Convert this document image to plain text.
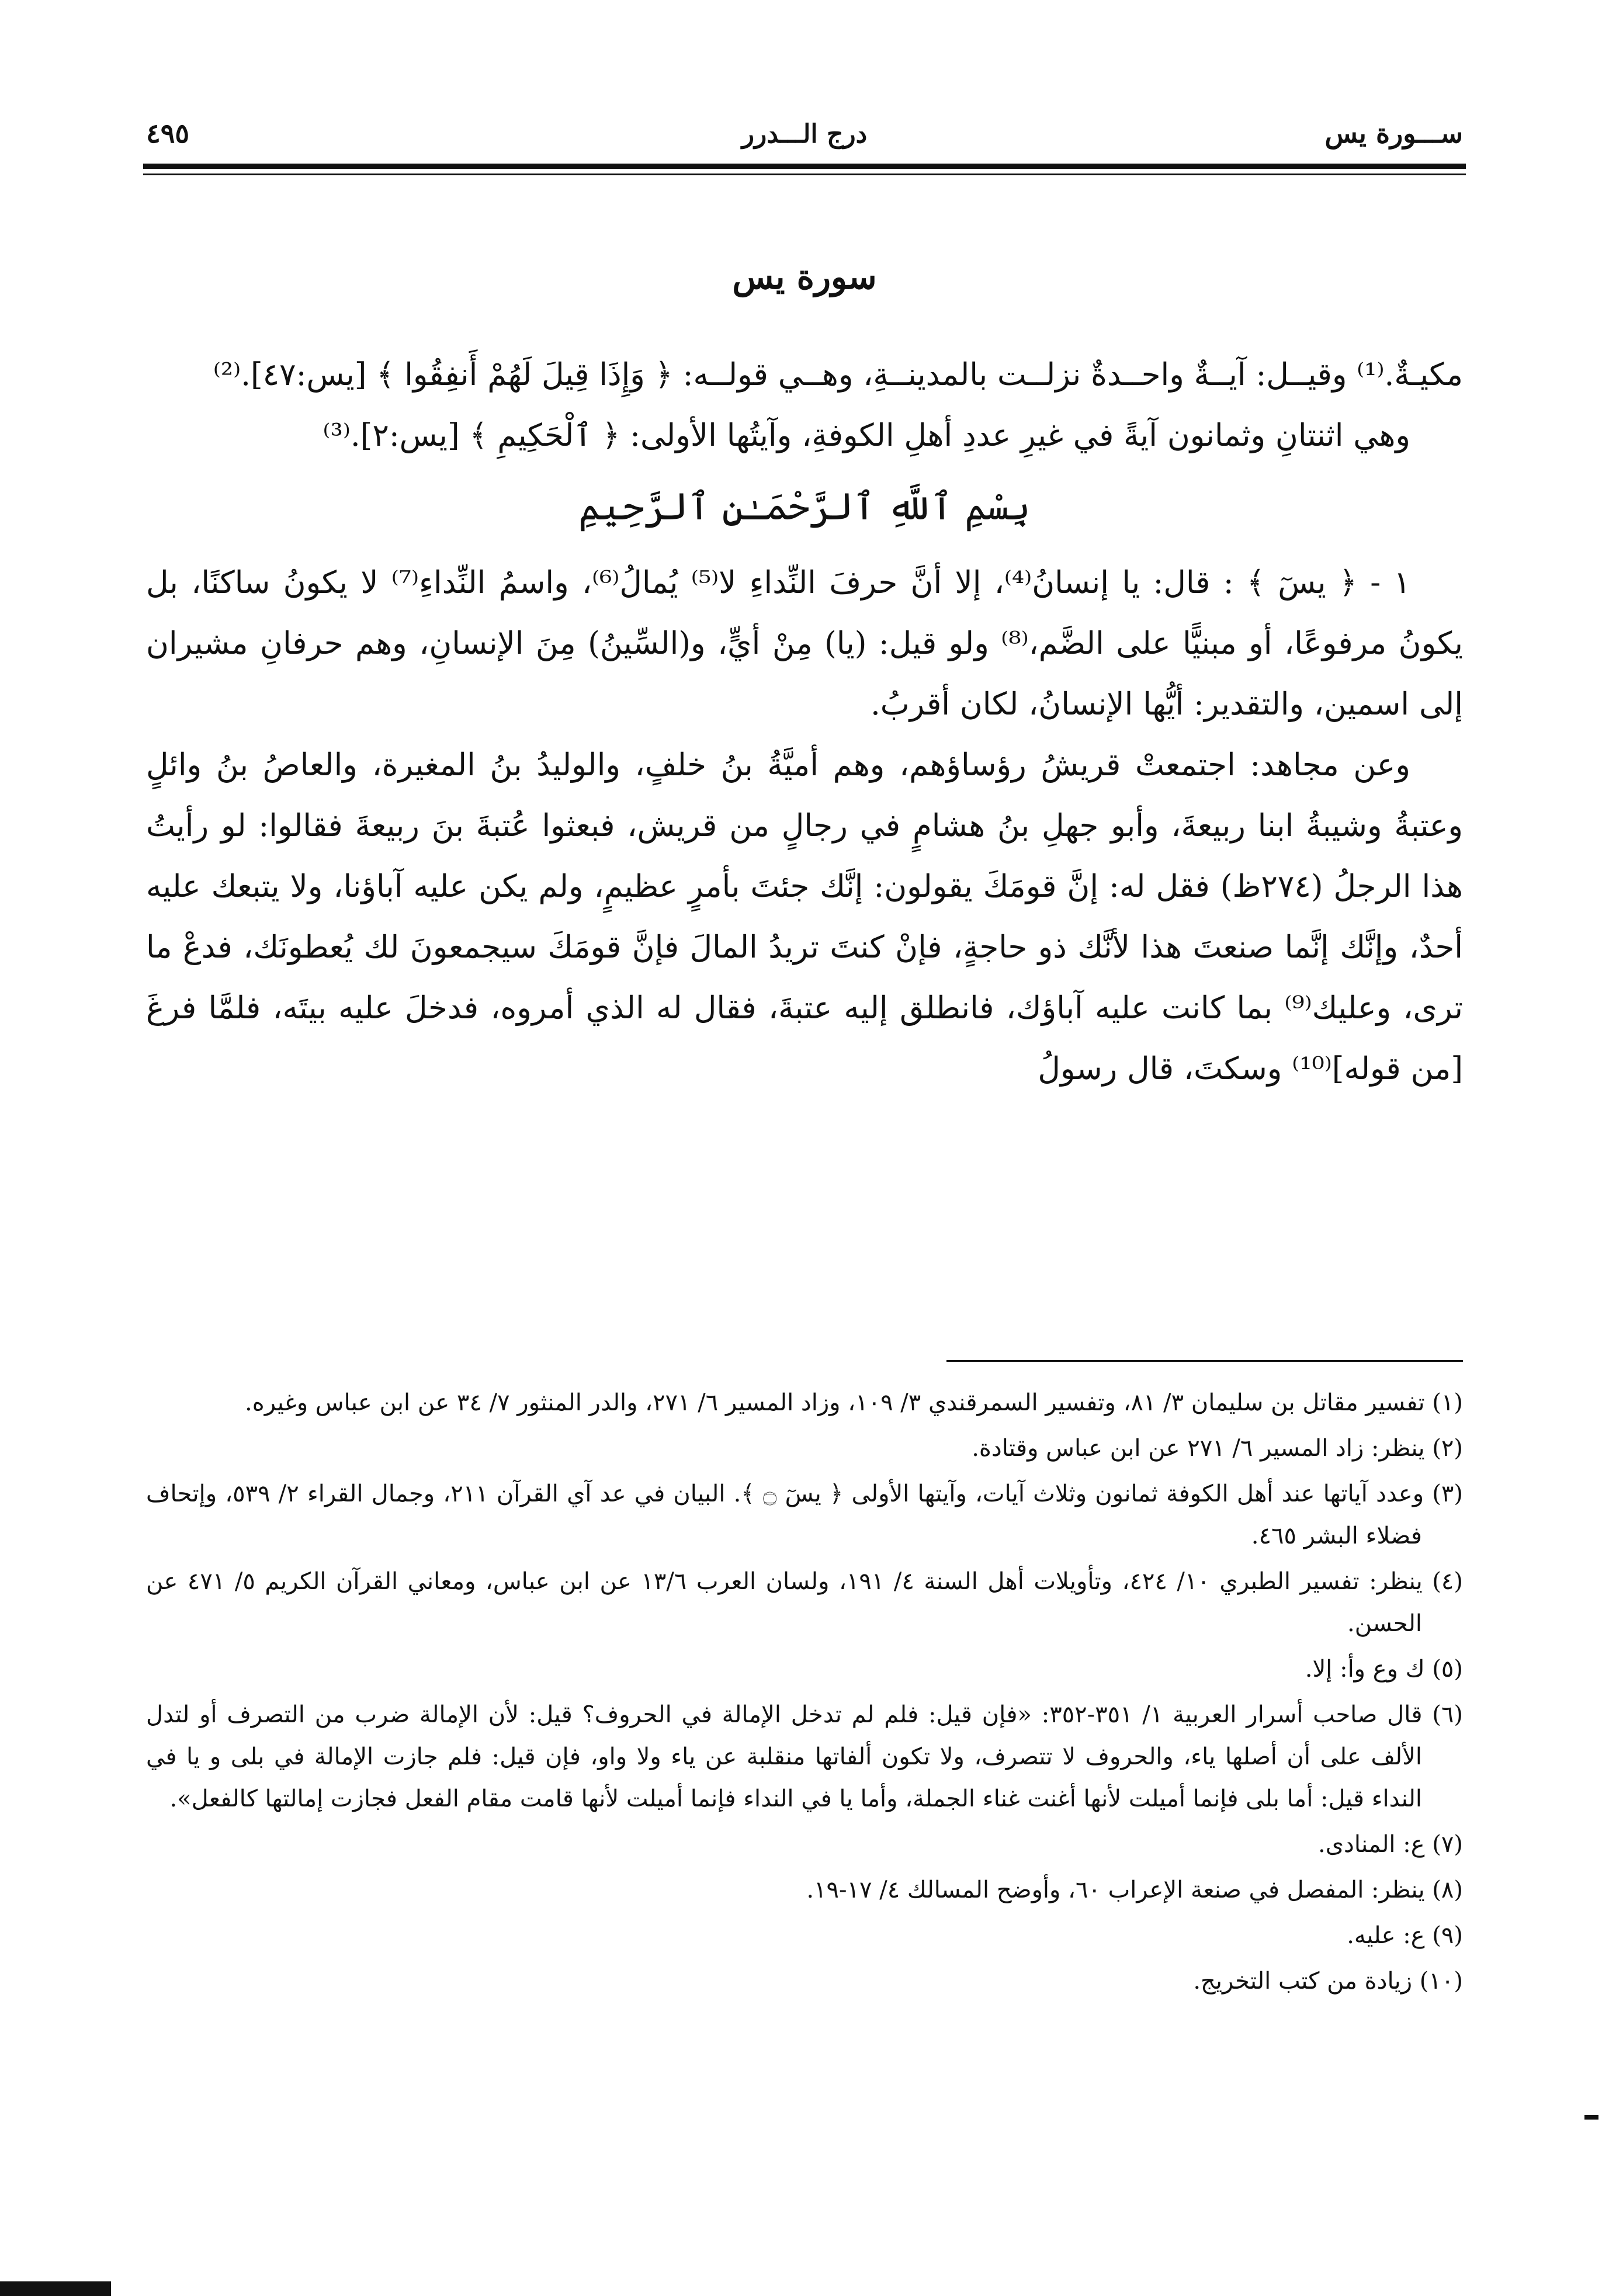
ســـورة يس
درج الـــدرر
٤٩٥
سورة يس

مكيـةٌ.⁽¹⁾ وقيــل: آيــةٌ واحــدةٌ نزلــت بالمدينــةِ، وهــي قولــه: ﴿ وَإِذَا قِيلَ لَهُمْ أَنفِقُوا ﴾ [يس:٤٧].⁽²⁾

وهي اثنتانِ وثمانون آيةً في غيرِ عددِ أهلِ الكوفةِ، وآيتُها الأولى: ﴿ ٱلْحَكِيمِ ﴾ [يس:٢].⁽³⁾

بِسْمِ ٱللَّهِ ٱلرَّحْمَـٰنِ ٱلرَّحِيمِ

١ - ﴿ يسٓ ﴾ : قال: يا إنسانُ⁽⁴⁾، إلا أنَّ حرفَ النِّداءِ لا⁽⁵⁾ يُمالُ⁽⁶⁾، واسمُ النِّداءِ⁽⁷⁾ لا يكونُ ساكنًا، بل يكونُ مرفوعًا، أو مبنيًّا على الضَّم،⁽⁸⁾ ولو قيل: (يا) مِنْ أيٍّ، و(السِّينُ) مِنَ الإنسانِ، وهم حرفانِ مشيران إلى اسمين، والتقدير: أيُّها الإنسانُ، لكان أقربُ.

وعن مجاهد: اجتمعتْ قريشُ رؤساؤهم، وهم أميَّةُ بنُ خلفٍ، والوليدُ بنُ المغيرة، والعاصُ بنُ وائلٍ وعتبةُ وشيبةُ ابنا ربيعةَ، وأبو جهلِ بنُ هشامٍ في رجالٍ من قريش، فبعثوا عُتبةَ بنَ ربيعةَ فقالوا: لو رأيتُ هذا الرجلُ (٢٧٤ظ) فقل له: إنَّ قومَكَ يقولون: إنَّك جئتَ بأمرٍ عظيمٍ، ولم يكن عليه آباؤنا، ولا يتبعك عليه أحدٌ، وإنَّك إنَّما صنعتَ هذا لأنَّك ذو حاجةٍ، فإنْ كنتَ تريدُ المالَ فإنَّ قومَكَ سيجمعونَ لك يُعطونَك، فدعْ ما ترى، وعليك⁽⁹⁾ بما كانت عليه آباؤك، فانطلق إليه عتبةَ، فقال له الذي أمروه، فدخلَ عليه بيتَه، فلمَّا فرغَ [من قوله]⁽¹⁰⁾ وسكتَ، قال رسولُ

(١) تفسير مقاتل بن سليمان ٣/ ٨١، وتفسير السمرقندي ٣/ ١٠٩، وزاد المسير ٦/ ٢٧١، والدر المنثور ٧/ ٣٤ عن ابن عباس وغيره.

(٢) ينظر: زاد المسير ٦/ ٢٧١ عن ابن عباس وقتادة.

(٣) وعدد آياتها عند أهل الكوفة ثمانون وثلاث آيات، وآيتها الأولى ﴿ يسٓ ۝ ﴾. البيان في عد آي القرآن ٢١١، وجمال القراء ٢/ ٥٣٩، وإتحاف فضلاء البشر ٤٦٥.

(٤) ينظر: تفسير الطبري ١٠/ ٤٢٤، وتأويلات أهل السنة ٤/ ١٩١، ولسان العرب ١٣/٦ عن ابن عباس، ومعاني القرآن الكريم ٥/ ٤٧١ عن الحسن.

(٥) ك وع وأ: إلا.

(٦) قال صاحب أسرار العربية ١/ ٣٥١-٣٥٢: «فإن قيل: فلم لم تدخل الإمالة في الحروف؟ قيل: لأن الإمالة ضرب من التصرف أو لتدل الألف على أن أصلها ياء، والحروف لا تتصرف، ولا تكون ألفاتها منقلبة عن ياء ولا واو، فإن قيل: فلم جازت الإمالة في بلى و يا في النداء قيل: أما بلى فإنما أميلت لأنها أغنت غناء الجملة، وأما يا في النداء فإنما أميلت لأنها قامت مقام الفعل فجازت إمالتها كالفعل».

(٧) ع: المنادى.

(٨) ينظر: المفصل في صنعة الإعراب ٦٠، وأوضح المسالك ٤/ ١٧-١٩.

(٩) ع: عليه.

(١٠) زيادة من كتب التخريج.
